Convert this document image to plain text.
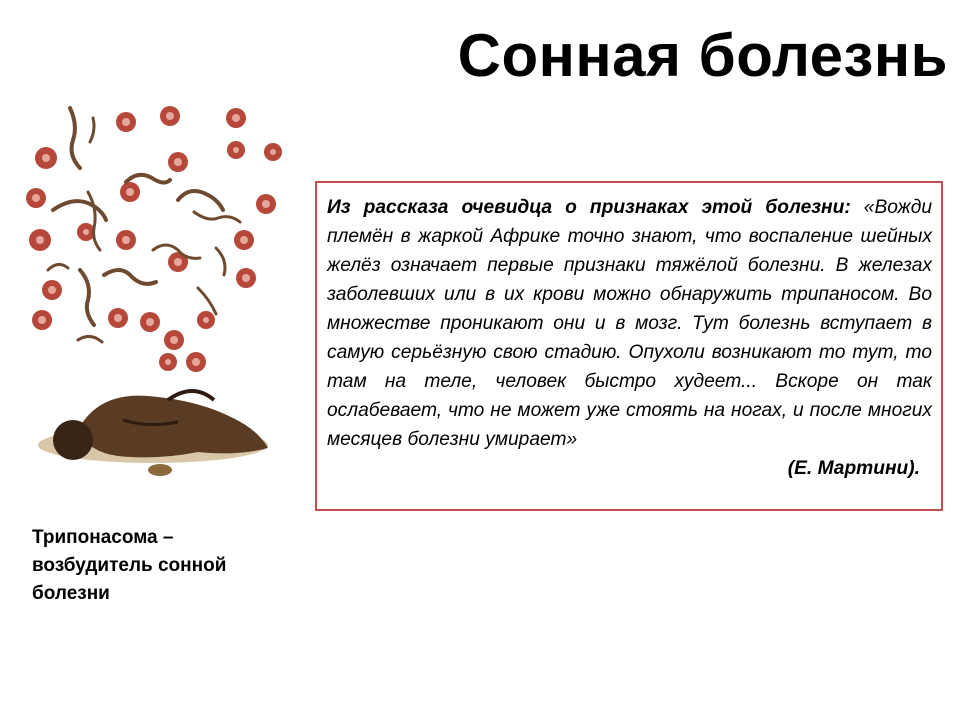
Сонная болезнь
Трипонасома – возбудитель сонной болезни
Из рассказа очевидца о признаках этой болезни: «Вожди племён в жаркой Африке точно знают, что воспаление шейных желёз означает первые признаки тяжёлой болезни. В железах заболевших или в их крови можно обнаружить трипаносом. Во множестве проникают они и в мозг. Тут болезнь вступает в самую серьёзную свою стадию. Опухоли возникают то тут, то там на теле, человек быстро худеет... Вскоре он так ослабевает, что не может уже стоять на ногах, и после многих месяцев болезни умирает»
(Е. Мартини).
